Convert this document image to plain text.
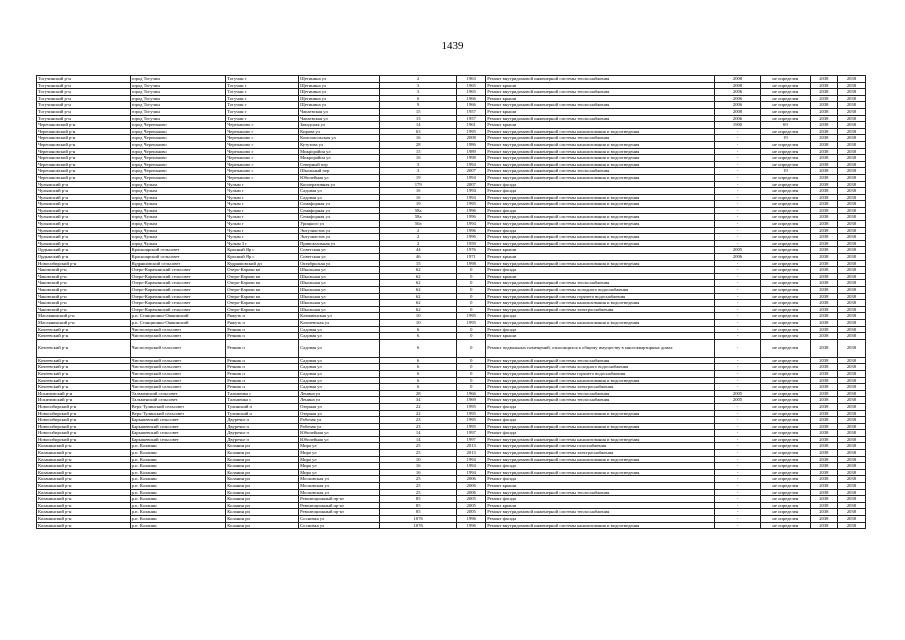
1439
Тогучинский р-н	город Тогучин	Тогучин г	Щетинина ул	2	1963	Ремонт внутридомовой инженерной системы теплоснабжения	2008	не определен	2038	2038
Тогучинский р-н	город Тогучин	Тогучин г	Щетинина ул	3	1965	Ремонт крыши	2008	не определен	2038	2038
Тогучинский р-н	город Тогучин	Тогучин г	Щетинина ул	3	1965	Ремонт внутридомовой инженерной системы теплоснабжения	2006	не определен	2038	2038
Тогучинский р-н	город Тогучин	Тогучин г	Щетинина ул	6	1966	Ремонт крыши	2006	не определен	2038	2038
Тогучинский р-н	город Тогучин	Тогучин г	Щетинина ул	9	1966	Ремонт внутридомовой инженерной системы теплоснабжения	2006	не определен	2038	2038
Тогучинский р-н	город Тогучин	Тогучин г	Чапаевская ул	15	1957	Ремонт крыши	2008	не определен	2038	2038
Тогучинский р-н	город Тогучин	Тогучин г	Чапаевская ул	15	1957	Ремонт внутридомовой инженерной системы теплоснабжения	2006	не определен	2038	2038
Черепановский р-н	город Черепаново	Черепаново г	Заводская ул	14	1961	Ремонт крыши	1900	69	2038	2038
Черепановский р-н	город Черепаново	Черепаново г	Кирова ул	63	1995	Ремонт внутридомовой инженерной системы канализования и водоотведения	-	не определен	2038	2038
Черепановский р-н	город Черепаново	Черепаново г	Комсомольская ул	16	2008	Ремонт внутридомовой инженерной системы теплоснабжения	-	19	2038	2038
Черепановский р-н	город Черепаново	Черепаново г	Кутузова ул	28	1986	Ремонт внутридомовой инженерной системы канализования и водоотведения	-	не определен	2038	2038
Черепановский р-н	город Черепаново	Черепаново г	Микрорайон ул	15	1989	Ремонт внутридомовой инженерной системы канализования и водоотведения	-	не определен	2038	2038
Черепановский р-н	город Черепаново	Черепаново г	Микрорайон ул	16	1998	Ремонт внутридомовой инженерной системы канализования и водоотведения	-	не определен	2038	2038
Черепановский р-н	город Черепаново	Черепаново г	Северный пер	3	1994	Ремонт внутридомовой инженерной системы канализования и водоотведения	-	не определен	2038	2038
Черепановский р-н	город Черепаново	Черепаново г	Школьный пер	3	2007	Ремонт внутридомовой инженерной системы теплоснабжения	-	19	2038	2038
Черепановский р-н	город Черепаново	Черепаново г	Юбилейная ул	19	1994	Ремонт внутридомовой инженерной системы канализования и водоотведения	-	не определен	2038	2038
Чулымский р-н	город Чулым	Чулым г	Кооперативная ул	179	2007	Ремонт фасада	-	не определен	2038	2038
Чулымский р-н	город Чулым	Чулым г	Садовая ул	1б	1994	Ремонт фасада	-	не определен	2038	2038
Чулымский р-н	город Чулым	Чулым г	Садовая ул	1б	1994	Ремонт внутридомовой инженерной системы канализования и водоотведения	-	не определен	2038	2038
Чулымский р-н	город Чулым	Чулым г	Семафорная ул	19	1995	Ремонт внутридомовой инженерной системы канализования и водоотведения	-	не определен	2038	2038
Чулымский р-н	город Чулым	Чулым г	Семафорная ул	58а	1996	Ремонт фасада	-	не определен	2038	2038
Чулымский р-н	город Чулым	Чулым г	Семафорная ул	58а	1996	Ремонт внутридомовой инженерной системы канализования и водоотведения	-	не определен	2038	2038
Чулымский р-н	город Чулым	Чулым г	Урицкого ул	50а	1994	Ремонт внутридомовой инженерной системы канализования и водоотведения	-	не определен	2038	2038
Чулымский р-н	город Чулым	Чулым г	Энтузиастов ул	2	1996	Ремонт фасада	-	не определен	2038	2038
Чулымский р-н	город Чулым	Чулым г	Энтузиастов ул	2	1996	Ремонт внутридомовой инженерной системы канализования и водоотведения	-	не определен	2038	2038
Чулымский р-н	город Чулым	Чулым 3 г	Привокзальная ул	2	1959	Ремонт внутридомовой инженерной системы канализования и водоотведения	-	не определен	2038	2038
Ордынский р-н	Красноярский сельсовет	Красный Яр с	Советская ул	44	1976	Ремонт крыши	2005	не определен	2038	2038
Ордынский р-н	Красноярский сельсовет	Красный Яр с	Советская ул	46	1971	Ремонт крыши	2006	не определен	2038	2038
Новосибирский р-н	Кудряшовский сельсовет	Кудряшовский дп	Октябрьская ул	15	1998	Ремонт внутридомовой инженерной системы канализования и водоотведения	-	не определен	2038	2038
Чановский р-н	Озеро-Карачинский сельсовет	Озеро-Карачи кп	Школьная ул	62	0	Ремонт фасада	-	не определен	2038	2038
Чановский р-н	Озеро-Карачинский сельсовет	Озеро-Карачи кп	Школьная ул	62	0	Ремонт крыши	-	не определен	2038	2038
Чановский р-н	Озеро-Карачинский сельсовет	Озеро-Карачи кп	Школьная ул	62	0	Ремонт внутридомовой инженерной системы теплоснабжения	-	не определен	2038	2038
Чановский р-н	Озеро-Карачинский сельсовет	Озеро-Карачи кп	Школьная ул	62	0	Ремонт внутридомовой инженерной системы холодного водоснабжения	-	не определен	2038	2038
Чановский р-н	Озеро-Карачинский сельсовет	Озеро-Карачи кп	Школьная ул	62	0	Ремонт внутридомовой инженерной системы горячего водоснабжения	-	не определен	2038	2038
Чановский р-н	Озеро-Карачинский сельсовет	Озеро-Карачи кп	Школьная ул	62	0	Ремонт внутридомовой инженерной системы канализования и водоотведения	-	не определен	2038	2038
Чановский р-н	Озеро-Карачинский сельсовет	Озеро-Карачи кп	Школьная ул	62	0	Ремонт внутридомовой инженерной системы электроснабжения	-	не определен	2038	2038
Маслянинский р-н	р.п. Станционно-Ояшинский	Ряжуть п	Клюквенская ул	10	1995	Ремонт фасада	-	не определен	2038	2038
Маслянинский р-н	р.п. Станционно-Ояшинский	Ряжуть п	Ключевская ул	10	1995	Ремонт внутридомовой инженерной системы канализования и водоотведения	-	не определен	2038	2038
Кочеевский р-н	Чистоозерский сельсовет	Речник п	Садовая ул	6	0	Ремонт фасада	-	не определен	2038	2038
Кочеевский р-н	Чистоозерский сельсовет	Речник п	Садовая ул	6	0	Ремонт крыши	-	не определен	2038	2038
Кочеевский р-н	Чистоозерский сельсовет	Речник п	Садовая ул	6	0	Ремонт подвальных помещений, относящихся к общему имуществу в многоквартирных домах	-	не определен	2038	2038
Кочеевский р-н	Чистоозерский сельсовет	Речник п	Садовая ул	6	0	Ремонт внутридомовой инженерной системы теплоснабжения	-	не определен	2038	2038
Кочеевский р-н	Чистоозерский сельсовет	Речник п	Садовая ул	6	0	Ремонт внутридомовой инженерной системы холодного водоснабжения	-	не определен	2038	2038
Кочеевский р-н	Чистоозерский сельсовет	Речник п	Садовая ул	6	0	Ремонт внутридомовой инженерной системы горячего водоснабжения	-	не определен	2038	2038
Кочеевский р-н	Чистоозерский сельсовет	Речник п	Садовая ул	6	0	Ремонт внутридомовой инженерной системы канализования и водоотведения	-	не определен	2038	2038
Кочеевский р-н	Чистоозерский сельсовет	Речник п	Садовая ул	6	0	Ремонт внутридомовой инженерной системы электроснабжения	-	не определен	2038	2038
Искитимский р-н	Тальменский сельсовет	Тальменка с	Ленина ул	28	1966	Ремонт внутридомовой инженерной системы теплоснабжения	2005	не определен	2038	2038
Искитимский р-н	Тальменский сельсовет	Тальменка с	Ленина ул	34	1969	Ремонт внутридомовой инженерной системы теплоснабжения	2005	не определен	2038	2038
Новосибирский р-н	Верх-Тулинский сельсовет	Тулинский п	Озерная ул	22	1995	Ремонт фасада	-	не определен	2038	2038
Новосибирский р-н	Верх-Тулинский сельсовет	Тулинский п	Озерная ул	22	1995	Ремонт внутридомовой инженерной системы канализования и водоотведения	-	не определен	2038	2038
Новосибирский р-н	Барышевский сельсовет	Двуречье п	Рабочая ул	23	1995	Ремонт фасада	-	не определен	2038	2038
Новосибирский р-н	Барышевский сельсовет	Двуречье п	Рабочая ул	23	1995	Ремонт внутридомовой инженерной системы канализования и водоотведения	-	не определен	2038	2038
Новосибирский р-н	Барышевский сельсовет	Двуречье п	Юбилейная ул	14	1997	Ремонт фасада	-	не определен	2038	2038
Новосибирский р-н	Барышевский сельсовет	Двуречье п	Юбилейная ул	14	1997	Ремонт внутридомовой инженерной системы канализования и водоотведения	-	не определен	2038	2038
Коланинский р-н	р.п. Коланин	Коланин рп	Мира ул	25	2013	Ремонт внутридомовой инженерной системы газоснабжения	-	не определен	2038	2038
Коланинский р-н	р.п. Коланин	Коланин рп	Мира ул	25	2013	Ремонт внутридомовой инженерной системы электроснабжения	-	не определен	2038	2038
Коланинский р-н	р.п. Коланин	Коланин рп	Мира ул	10	1994	Ремонт внутридомовой инженерной системы канализования и водоотведения	-	не определен	2038	2038
Коланинский р-н	р.п. Коланин	Коланин рп	Мира ул	16	1994	Ремонт фасада	-	не определен	2038	2038
Коланинский р-н	р.п. Коланин	Коланин рп	Мира ул	16	1994	Ремонт внутридомовой инженерной системы канализования и водоотведения	-	не определен	2038	2038
Коланинский р-н	р.п. Коланин	Коланин рп	Московская ул	25	2006	Ремонт фасада	-	не определен	2038	2038
Коланинский р-н	р.п. Коланин	Коланин рп	Московская ул	25	2006	Ремонт крыши	-	не определен	2038	2038
Коланинский р-н	р.п. Коланин	Коланин рп	Московская ул	25	2006	Ремонт внутридомовой инженерной системы теплоснабжения	-	не определен	2038	2038
Коланинский р-н	р.п. Коланин	Коланин рп	Революционный пр-кт	85	2005	Ремонт фасада	-	не определен	2038	2038
Коланинский р-н	р.п. Коланин	Коланин рп	Революционный пр-кт	85	2005	Ремонт крыши	-	не определен	2038	2038
Коланинский р-н	р.п. Коланин	Коланин рп	Революционный пр-кт	85	2005	Ремонт внутридомовой инженерной системы теплоснабжения	-	не определен	2038	2038
Коланинский р-н	р.п. Коланин	Коланин рп	Сосновка ул	1076	1996	Ремонт фасада	-	не определен	2038	2038
Коланинский р-н	р.п. Коланин	Коланин рп	Сосновка ул	1076	1996	Ремонт внутридомовой инженерной системы канализования и водоотведения	-	не определен	2038	2038
